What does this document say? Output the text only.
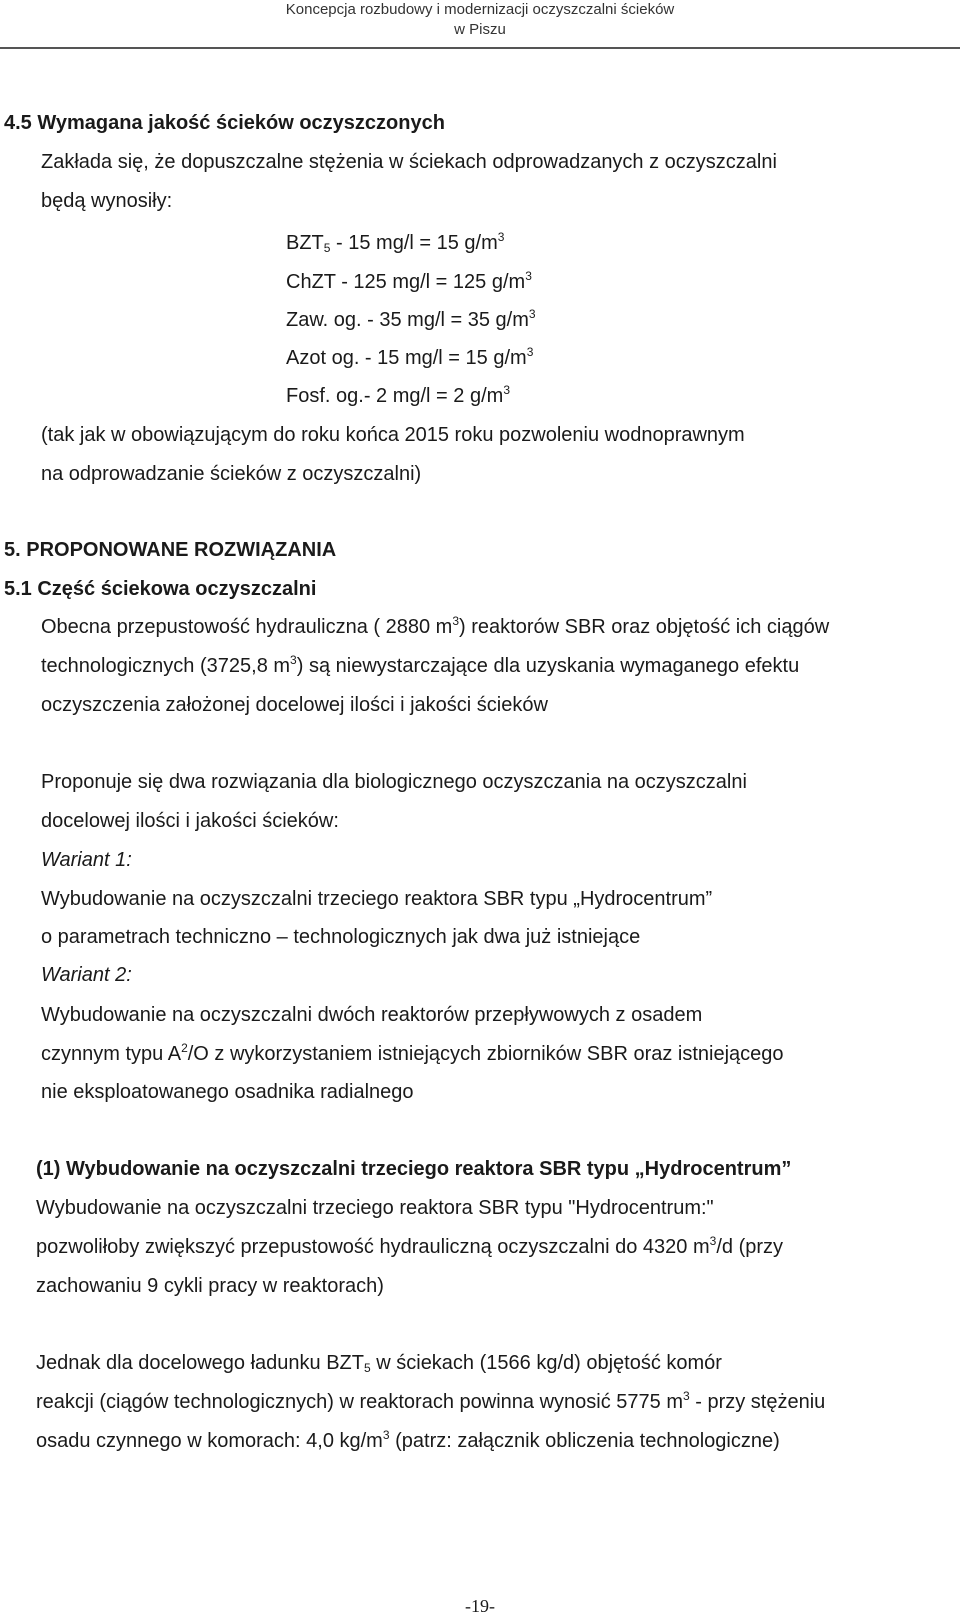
Koncepcja rozbudowy i modernizacji oczyszczalni ścieków
w Piszu
4.5 Wymagana jakość ścieków oczyszczonych
Zakłada się, że dopuszczalne stężenia w ściekach odprowadzanych z oczyszczalni
będą wynosiły:
$BZT_5 - 15$ mg/l = 15 $g/m^3$
ChZT - 125 mg/l = 125 $g/m^3$
Zaw. og. - 35 mg/l = 35 $g/m^3$
Azot og. - 15 mg/l = 15 $g/m^3$
Fosf. og.- 2 mg/l = 2 $g/m^3$
(tak jak w obowiązującym do roku końca 2015 roku pozwoleniu wodnoprawnym
na odprowadzanie ścieków z oczyszczalni)
5. PROPONOWANE ROZWIĄZANIA
5.1 Część ściekowa oczyszczalni
Obecna przepustowość hydrauliczna ( 2880 $m^3$) reaktorów SBR oraz objętość ich ciągów
technologicznych (3725,8 $m^3$) są niewystarczające dla uzyskania wymaganego efektu
oczyszczenia założonej docelowej ilości i jakości ścieków
Proponuje się dwa rozwiązania dla biologicznego oczyszczania na oczyszczalni
docelowej ilości i jakości ścieków:
Wariant 1:
Wybudowanie na oczyszczalni trzeciego reaktora SBR typu „Hydrocentrum”
o parametrach techniczno – technologicznych jak dwa już istniejące
Wariant 2:
Wybudowanie na oczyszczalni dwóch reaktorów przepływowych z osadem
czynnym typu $A^2/O$ z wykorzystaniem istniejących zbiorników SBR oraz istniejącego
nie eksploatowanego osadnika radialnego
(1) Wybudowanie na oczyszczalni trzeciego reaktora SBR typu „Hydrocentrum”
Wybudowanie na oczyszczalni trzeciego reaktora SBR typu "Hydrocentrum:"
pozwoliłoby zwiększyć przepustowość hydrauliczną oczyszczalni do 4320 $m^3/d$ (przy
zachowaniu 9 cykli pracy w reaktorach)
Jednak dla docelowego ładunku $BZT_5$ w ściekach (1566 kg/d) objętość komór
reakcji (ciągów technologicznych) w reaktorach powinna wynosić 5775 $m^3$ - przy stężeniu
osadu czynnego w komorach: 4,0 $kg/m^3$ (patrz: załącznik obliczenia technologiczne)
-19-
